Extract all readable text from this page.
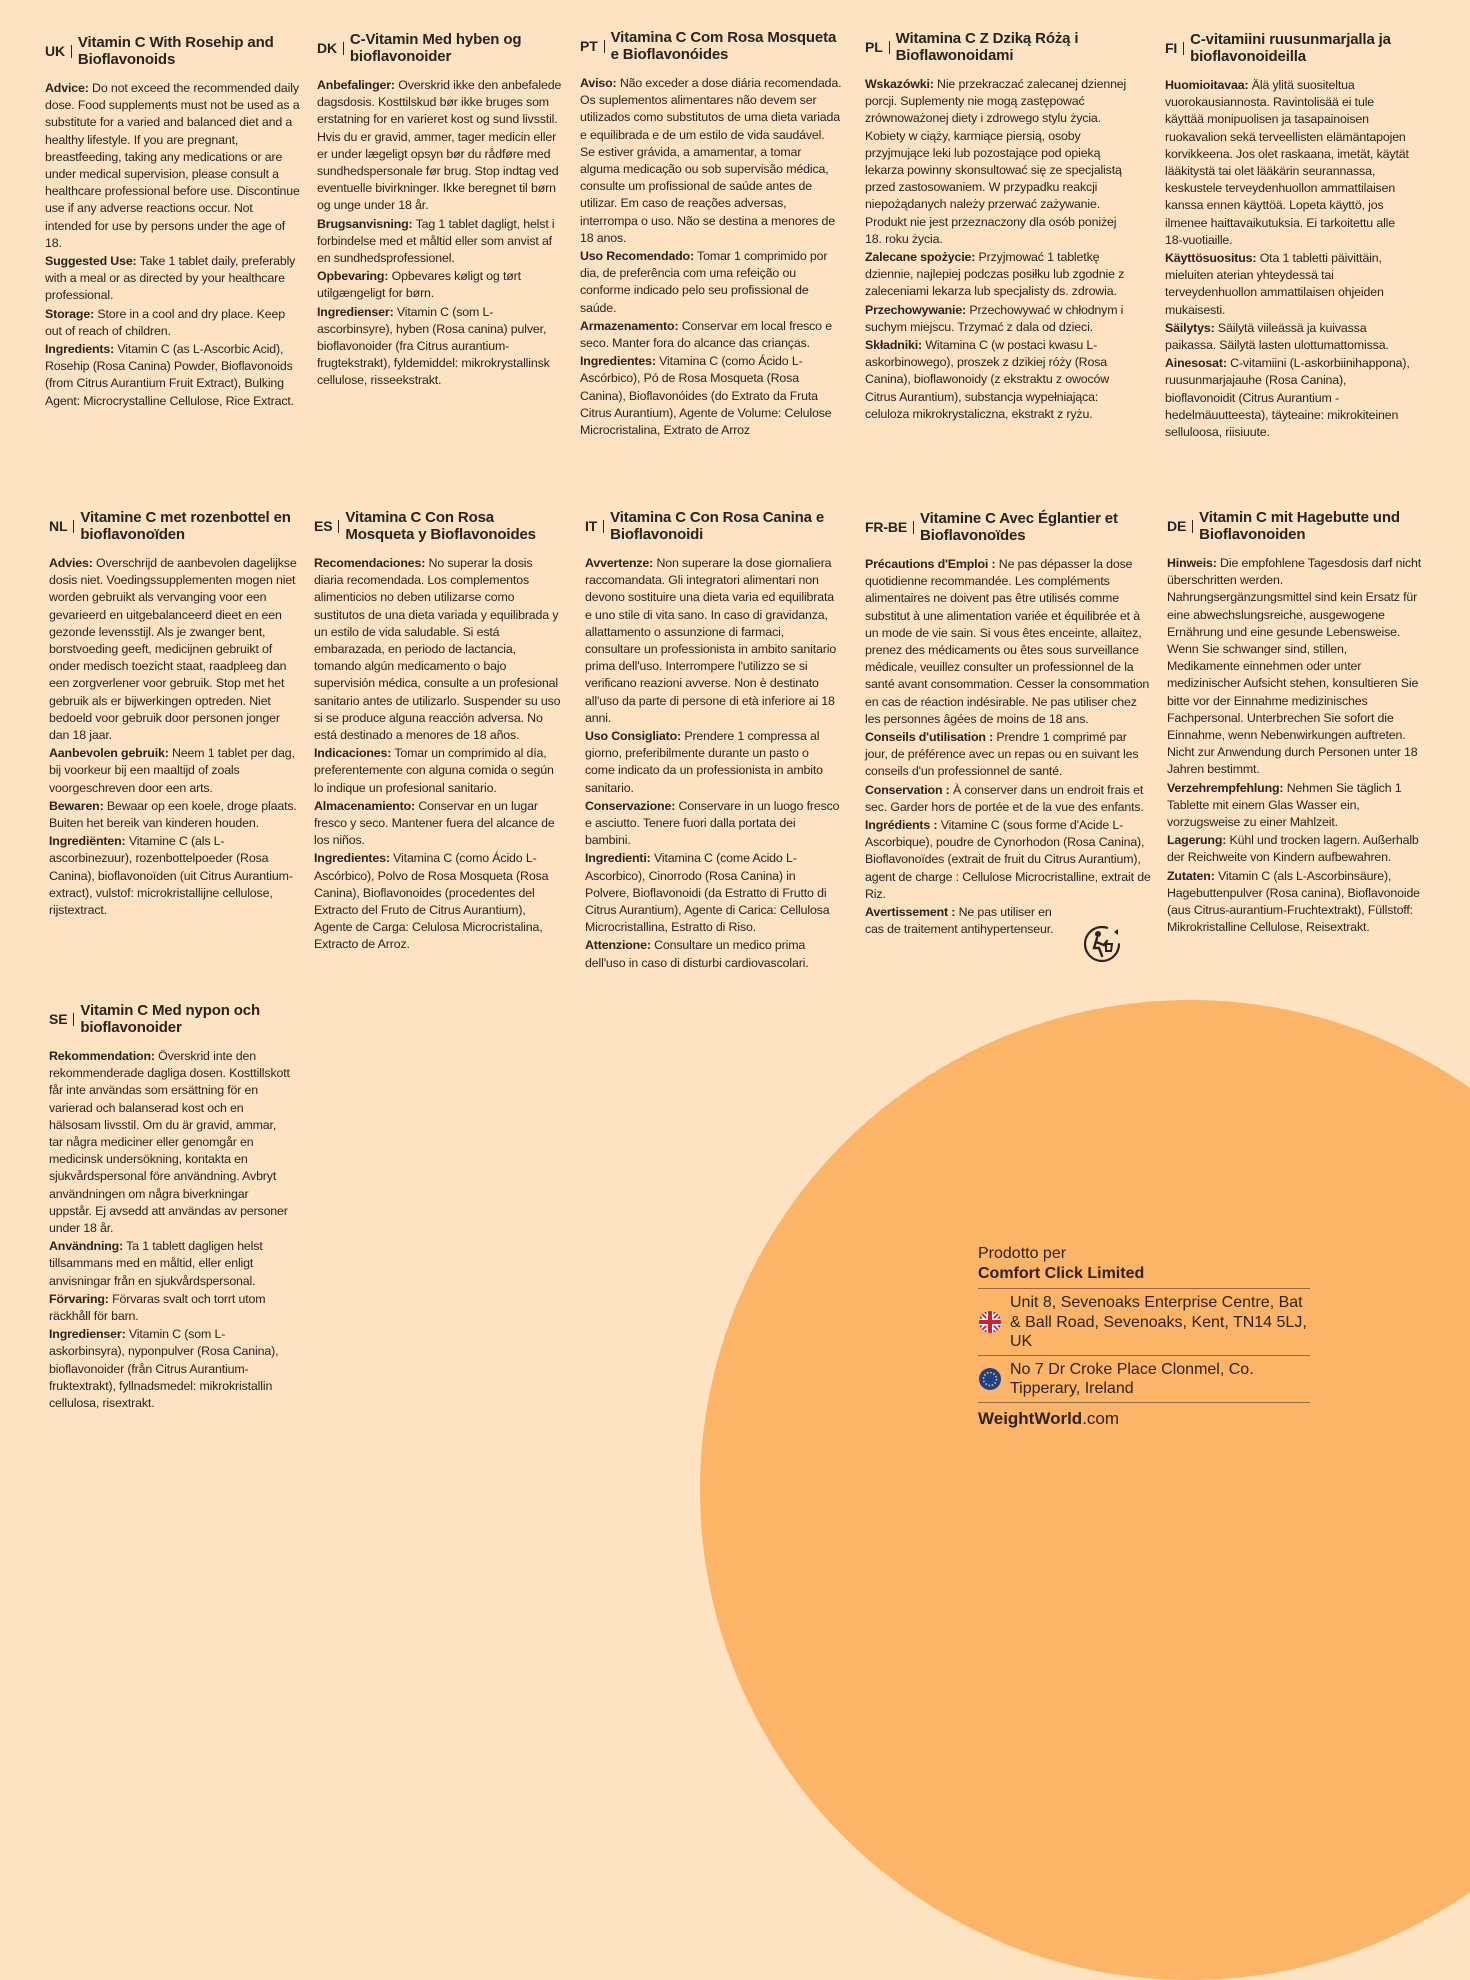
UK Vitamin C With Rosehip and Bioflavonoids

Advice: Do not exceed the recommended daily dose. Food supplements must not be used as a substitute for a varied and balanced diet and a healthy lifestyle. If you are pregnant, breastfeeding, taking any medications or are under medical supervision, please consult a healthcare professional before use. Discontinue use if any adverse reactions occur. Not intended for use by persons under the age of 18.

Suggested Use: Take 1 tablet daily, preferably with a meal or as directed by your healthcare professional.

Storage: Store in a cool and dry place. Keep out of reach of children.

Ingredients: Vitamin C (as L-Ascorbic Acid), Rosehip (Rosa Canina) Powder, Bioflavonoids (from Citrus Aurantium Fruit Extract), Bulking Agent: Microcrystalline Cellulose, Rice Extract.

DK C-Vitamin Med hyben og bioflavonoider

Anbefalinger: Overskrid ikke den anbefalede dagsdosis. Kosttilskud bør ikke bruges som erstatning for en varieret kost og sund livsstil. Hvis du er gravid, ammer, tager medicin eller er under lægeligt opsyn bør du rådføre med sundhedspersonale før brug. Stop indtag ved eventuelle bivirkninger. Ikke beregnet til børn og unge under 18 år.

Brugsanvisning: Tag 1 tablet dagligt, helst i forbindelse med et måltid eller som anvist af en sundhedsprofessionel.

Opbevaring: Opbevares køligt og tørt utilgængeligt for børn.

Ingredienser: Vitamin C (som L-ascorbinsyre), hyben (Rosa canina) pulver, bioflavonoider (fra Citrus aurantium-frugtekstrakt), fyldemiddel: mikrokrystallinsk cellulose, risseekstrakt.

PT Vitamina C Com Rosa Mosqueta e Bioflavonóides

Aviso: Não exceder a dose diária recomendada. Os suplementos alimentares não devem ser utilizados como substitutos de uma dieta variada e equilibrada e de um estilo de vida saudável. Se estiver grávida, a amamentar, a tomar alguma medicação ou sob supervisão médica, consulte um profissional de saúde antes de utilizar. Em caso de reações adversas, interrompa o uso. Não se destina a menores de 18 anos.

Uso Recomendado: Tomar 1 comprimido por dia, de preferência com uma refeição ou conforme indicado pelo seu profissional de saúde.

Armazenamento: Conservar em local fresco e seco. Manter fora do alcance das crianças.

Ingredientes: Vitamina C (como Ácido L-Ascórbico), Pó de Rosa Mosqueta (Rosa Canina), Bioflavonóides (do Extrato da Fruta Citrus Aurantium), Agente de Volume: Celulose Microcristalina, Extrato de Arroz

PL Witamina C Z Dziką Różą i Bioflawonoidami

Wskazówki: Nie przekraczać zalecanej dziennej porcji. Suplementy nie mogą zastępować zrównoważonej diety i zdrowego stylu życia. Kobiety w ciąży, karmiące piersią, osoby przyjmujące leki lub pozostające pod opieką lekarza powinny skonsultować się ze specjalistą przed zastosowaniem. W przypadku reakcji niepożądanych należy przerwać zażywanie. Produkt nie jest przeznaczony dla osób poniżej 18. roku życia.

Zalecane spożycie: Przyjmować 1 tabletkę dziennie, najlepiej podczas posiłku lub zgodnie z zaleceniami lekarza lub specjalisty ds. zdrowia.

Przechowywanie: Przechowywać w chłodnym i suchym miejscu. Trzymać z dala od dzieci.

Składniki: Witamina C (w postaci kwasu L-askorbinowego), proszek z dzikiej róży (Rosa Canina), bioflawonoidy (z ekstraktu z owoców Citrus Aurantium), substancja wypełniająca: celuloza mikrokrystaliczna, ekstrakt z ryżu.

FI C-vitamiini ruusunmarjalla ja bioflavonoideilla

Huomioitavaa: Älä ylitä suositeltua vuorokausiannosta. Ravintolisää ei tule käyttää monipuolisen ja tasapainoisen ruokavalion sekä terveellisten elämäntapojen korvikkeena. Jos olet raskaana, imetät, käytät lääkitystä tai olet lääkärin seurannassa, keskustele terveydenhuollon ammattilaisen kanssa ennen käyttöä. Lopeta käyttö, jos ilmenee haittavaikutuksia. Ei tarkoitettu alle 18-vuotiaille.

Käyttösuositus: Ota 1 tabletti päivittäin, mieluiten aterian yhteydessä tai terveydenhuollon ammattilaisen ohjeiden mukaisesti.

Säilytys: Säilytä viileässä ja kuivassa paikassa. Säilytä lasten ulottumattomissa.

Ainesosat: C-vitamiini (L-askorbiinihappona), ruusunmarjajauhe (Rosa Canina), bioflavonoidit (Citrus Aurantium -hedelmäuutteesta), täyteaine: mikrokiteinen selluloosa, riisiuute.

NL Vitamine C met rozenbottel en bioflavonoïden

Advies: Overschrijd de aanbevolen dagelijkse dosis niet. Voedingssupplementen mogen niet worden gebruikt als vervanging voor een gevarieerd en uitgebalanceerd dieet en een gezonde levensstijl. Als je zwanger bent, borstvoeding geeft, medicijnen gebruikt of onder medisch toezicht staat, raadpleeg dan een zorgverlener voor gebruik. Stop met het gebruik als er bijwerkingen optreden. Niet bedoeld voor gebruik door personen jonger dan 18 jaar.

Aanbevolen gebruik: Neem 1 tablet per dag, bij voorkeur bij een maaltijd of zoals voorgeschreven door een arts.

Bewaren: Bewaar op een koele, droge plaats. Buiten het bereik van kinderen houden.

Ingrediënten: Vitamine C (als L-ascorbinezuur), rozenbottelpoeder (Rosa Canina), bioflavonoïden (uit Citrus Aurantium-extract), vulstof: microkristallijne cellulose, rijstextract.

ES Vitamina C Con Rosa Mosqueta y Bioflavonoides

Recomendaciones: No superar la dosis diaria recomendada. Los complementos alimenticios no deben utilizarse como sustitutos de una dieta variada y equilibrada y un estilo de vida saludable. Si está embarazada, en periodo de lactancia, tomando algún medicamento o bajo supervisión médica, consulte a un profesional sanitario antes de utilizarlo. Suspender su uso si se produce alguna reacción adversa. No está destinado a menores de 18 años.

Indicaciones: Tomar un comprimido al día, preferentemente con alguna comida o según lo indique un profesional sanitario.

Almacenamiento: Conservar en un lugar fresco y seco. Mantener fuera del alcance de los niños.

Ingredientes: Vitamina C (como Ácido L-Ascórbico), Polvo de Rosa Mosqueta (Rosa Canina), Bioflavonoides (procedentes del Extracto del Fruto de Citrus Aurantium), Agente de Carga: Celulosa Microcristalina, Extracto de Arroz.

IT Vitamina C Con Rosa Canina e Bioflavonoidi

Avvertenze: Non superare la dose giornaliera raccomandata. Gli integratori alimentari non devono sostituire una dieta varia ed equilibrata e uno stile di vita sano. In caso di gravidanza, allattamento o assunzione di farmaci, consultare un professionista in ambito sanitario prima dell'uso. Interrompere l'utilizzo se si verificano reazioni avverse. Non è destinato all'uso da parte di persone di età inferiore ai 18 anni.

Uso Consigliato: Prendere 1 compressa al giorno, preferibilmente durante un pasto o come indicato da un professionista in ambito sanitario.

Conservazione: Conservare in un luogo fresco e asciutto. Tenere fuori dalla portata dei bambini.

Ingredienti: Vitamina C (come Acido L-Ascorbico), Cinorrodo (Rosa Canina) in Polvere, Bioflavonoidi (da Estratto di Frutto di Citrus Aurantium), Agente di Carica: Cellulosa Microcristallina, Estratto di Riso.

Attenzione: Consultare un medico prima dell'uso in caso di disturbi cardiovascolari.

FR-BE Vitamine C Avec Églantier et Bioflavonoïdes

Précautions d'Emploi : Ne pas dépasser la dose quotidienne recommandée. Les compléments alimentaires ne doivent pas être utilisés comme substitut à une alimentation variée et équilibrée et à un mode de vie sain. Si vous êtes enceinte, allaitez, prenez des médicaments ou êtes sous surveillance médicale, veuillez consulter un professionnel de la santé avant consommation. Cesser la consommation en cas de réaction indésirable. Ne pas utiliser chez les personnes âgées de moins de 18 ans.

Conseils d'utilisation : Prendre 1 comprimé par jour, de préférence avec un repas ou en suivant les conseils d'un professionnel de santé.

Conservation : À conserver dans un endroit frais et sec. Garder hors de portée et de la vue des enfants.

Ingrédients : Vitamine C (sous forme d'Acide L-Ascorbique), poudre de Cynorhodon (Rosa Canina), Bioflavonoïdes (extrait de fruit du Citrus Aurantium), agent de charge : Cellulose Microcristalline, extrait de Riz.

Avertissement : Ne pas utiliser en cas de traitement antihypertenseur.

DE Vitamin C mit Hagebutte und Bioflavonoiden

Hinweis: Die empfohlene Tagesdosis darf nicht überschritten werden. Nahrungsergänzungsmittel sind kein Ersatz für eine abwechslungsreiche, ausgewogene Ernährung und eine gesunde Lebensweise. Wenn Sie schwanger sind, stillen, Medikamente einnehmen oder unter medizinischer Aufsicht stehen, konsultieren Sie bitte vor der Einnahme medizinisches Fachpersonal. Unterbrechen Sie sofort die Einnahme, wenn Nebenwirkungen auftreten. Nicht zur Anwendung durch Personen unter 18 Jahren bestimmt.

Verzehrempfehlung: Nehmen Sie täglich 1 Tablette mit einem Glas Wasser ein, vorzugsweise zu einer Mahlzeit.

Lagerung: Kühl und trocken lagern. Außerhalb der Reichweite von Kindern aufbewahren.

Zutaten: Vitamin C (als L-Ascorbinsäure), Hagebuttenpulver (Rosa canina), Bioflavonoide (aus Citrus-aurantium-Fruchtextrakt), Füllstoff: Mikrokristalline Cellulose, Reisextrakt.

SE Vitamin C Med nypon och bioflavonoider

Rekommendation: Överskrid inte den rekommenderade dagliga dosen. Kosttillskott får inte användas som ersättning för en varierad och balanserad kost och en hälsosam livsstil. Om du är gravid, ammar, tar några mediciner eller genomgår en medicinsk undersökning, kontakta en sjukvårdspersonal före användning. Avbryt användningen om några biverkningar uppstår. Ej avsedd att användas av personer under 18 år.

Användning: Ta 1 tablett dagligen helst tillsammans med en måltid, eller enligt anvisningar från en sjukvårdspersonal.

Förvaring: Förvaras svalt och torrt utom räckhåll för barn.

Ingredienser: Vitamin C (som L-askorbinsyra), nyponpulver (Rosa Canina), bioflavonoider (från Citrus Aurantium-fruktextrakt), fyllnadsmedel: mikrokristallin cellulosa, risextrakt.

Prodotto per
Comfort Click Limited
Unit 8, Sevenoaks Enterprise Centre, Bat & Ball Road, Sevenoaks, Kent, TN14 5LJ, UK
No 7 Dr Croke Place Clonmel, Co. Tipperary, Ireland
WeightWorld.com
